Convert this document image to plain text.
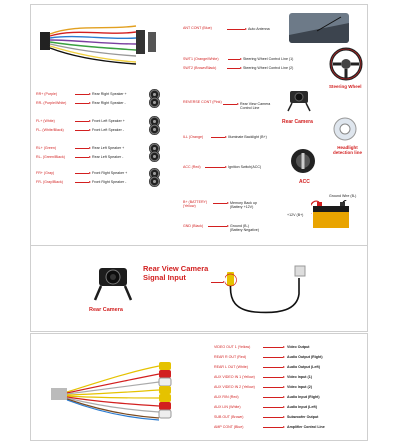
RR+ (Purple)	Rear Right Speaker +
RR- (Purple/White)	Rear Right Speaker -
FL+ (White)	Front Left Speaker +
FL- (White/Black)	Front Left Speaker -
RL+ (Green)	Rear Left Speaker +
RL- (Green/Black)	Rear Left Speaker -
FR+ (Gray)	Front Right Speaker +
FR- (Gray/Black)	Front Right Speaker -
ANT CONT (Blue)	Auto Antenna
SWT1 (Orange/White)	Steering Wheel Control Line (1)
SWT2 (Brown/Black)	Steering Wheel Control Line (2)
Steering Wheel
REVERSE CONT (Pink)	Rear View Camera
Control Line
Rear Camera
ILL (Orange)	Illuminate Backlight (B+)
Headlight
detection line
ACC (Red)	Ignition Switch(ACC)
ACC
B+ (BATTERY)
(Yellow)
Memory Back up
(Battery +12V)
GND (Black)	Ground (B-)
(Battery Negative)
Ground Wire (B-)
+12V (B+)
Rear Camera
Rear View Camera
Signal Input
VIDEO OUT 1 (Yellow)	Video Output
REAR R OUT (Red)	Audio Output (Right)
REAR L OUT (White)	Audio Output (Left)
AUX VIDEO IN 1 (Yellow)	Video Input (1)
AUX VIDEO IN 2 (Yellow)	Video Input (2)
AUX RIN (Red)	Audio Input (Right)
AUX LIN (White)	Audio Input (Left)
SUB OUT (Brown)	Subwoofer Output
AMP CONT (Blue)	Amplifier Control Line
